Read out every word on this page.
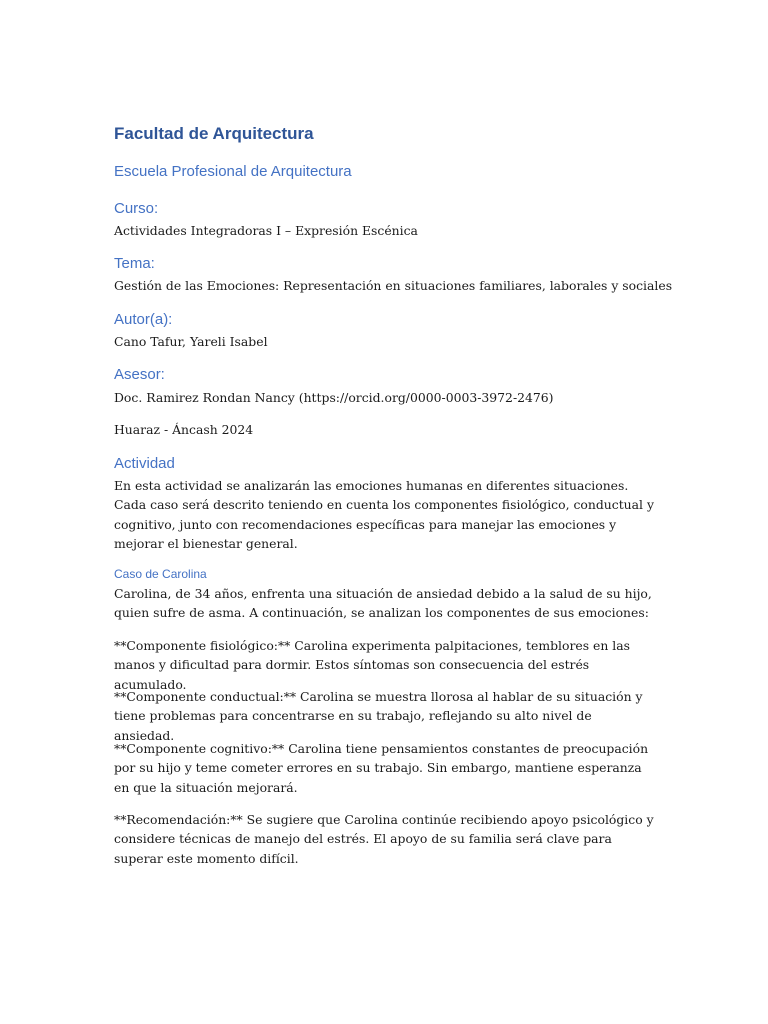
Facultad de Arquitectura
Escuela Profesional de Arquitectura
Curso:
Actividades Integradoras I – Expresión Escénica
Tema:
Gestión de las Emociones: Representación en situaciones familiares, laborales y sociales
Autor(a):
Cano Tafur, Yareli Isabel
Asesor:
Doc. Ramirez Rondan Nancy (https://orcid.org/0000-0003-3972-2476)
Huaraz - Áncash 2024
Actividad

En esta actividad se analizarán las emociones humanas en diferentes situaciones. Cada caso será descrito teniendo en cuenta los componentes fisiológico, conductual y cognitivo, junto con recomendaciones específicas para manejar las emociones y mejorar el bienestar general.

Caso de Carolina

Carolina, de 34 años, enfrenta una situación de ansiedad debido a la salud de su hijo, quien sufre de asma. A continuación, se analizan los componentes de sus emociones:

**Componente fisiológico:** Carolina experimenta palpitaciones, temblores en las manos y dificultad para dormir. Estos síntomas son consecuencia del estrés acumulado.

**Componente conductual:** Carolina se muestra llorosa al hablar de su situación y tiene problemas para concentrarse en su trabajo, reflejando su alto nivel de ansiedad.

**Componente cognitivo:** Carolina tiene pensamientos constantes de preocupación por su hijo y teme cometer errores en su trabajo. Sin embargo, mantiene esperanza en que la situación mejorará.

**Recomendación:** Se sugiere que Carolina continúe recibiendo apoyo psicológico y considere técnicas de manejo del estrés. El apoyo de su familia será clave para superar este momento difícil.
